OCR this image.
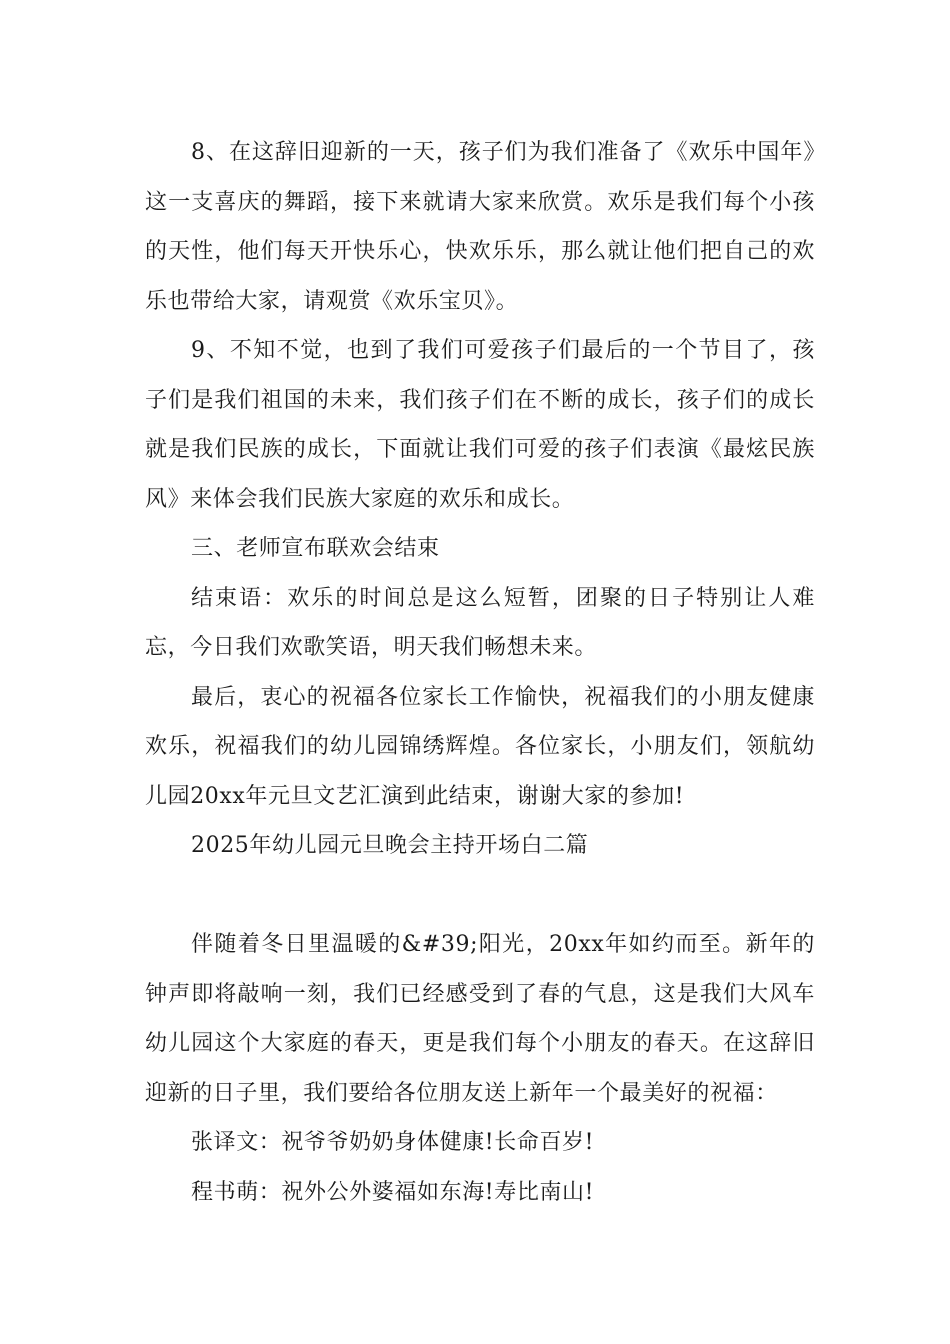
8、在这辞旧迎新的一天，孩子们为我们准备了《欢乐中国年》这一支喜庆的舞蹈，接下来就请大家来欣赏。欢乐是我们每个小孩的天性，他们每天开快乐心，快欢乐乐，那么就让他们把自己的欢乐也带给大家，请观赏《欢乐宝贝》。

9、不知不觉，也到了我们可爱孩子们最后的一个节目了，孩子们是我们祖国的未来，我们孩子们在不断的成长，孩子们的成长就是我们民族的成长，下面就让我们可爱的孩子们表演《最炫民族风》来体会我们民族大家庭的欢乐和成长。

三、老师宣布联欢会结束

结束语：欢乐的时间总是这么短暂，团聚的日子特别让人难忘，今日我们欢歌笑语，明天我们畅想未来。

最后，衷心的祝福各位家长工作愉快，祝福我们的小朋友健康欢乐，祝福我们的幼儿园锦绣辉煌。各位家长，小朋友们，领航幼儿园20xx年元旦文艺汇演到此结束，谢谢大家的参加!

2025年幼儿园元旦晚会主持开场白二篇

伴随着冬日里温暖的&#39;阳光，20xx年如约而至。新年的钟声即将敲响一刻，我们已经感受到了春的气息，这是我们大风车幼儿园这个大家庭的春天，更是我们每个小朋友的春天。在这辞旧迎新的日子里，我们要给各位朋友送上新年一个最美好的祝福：

张译文：祝爷爷奶奶身体健康!长命百岁!

程书萌：祝外公外婆福如东海!寿比南山!
